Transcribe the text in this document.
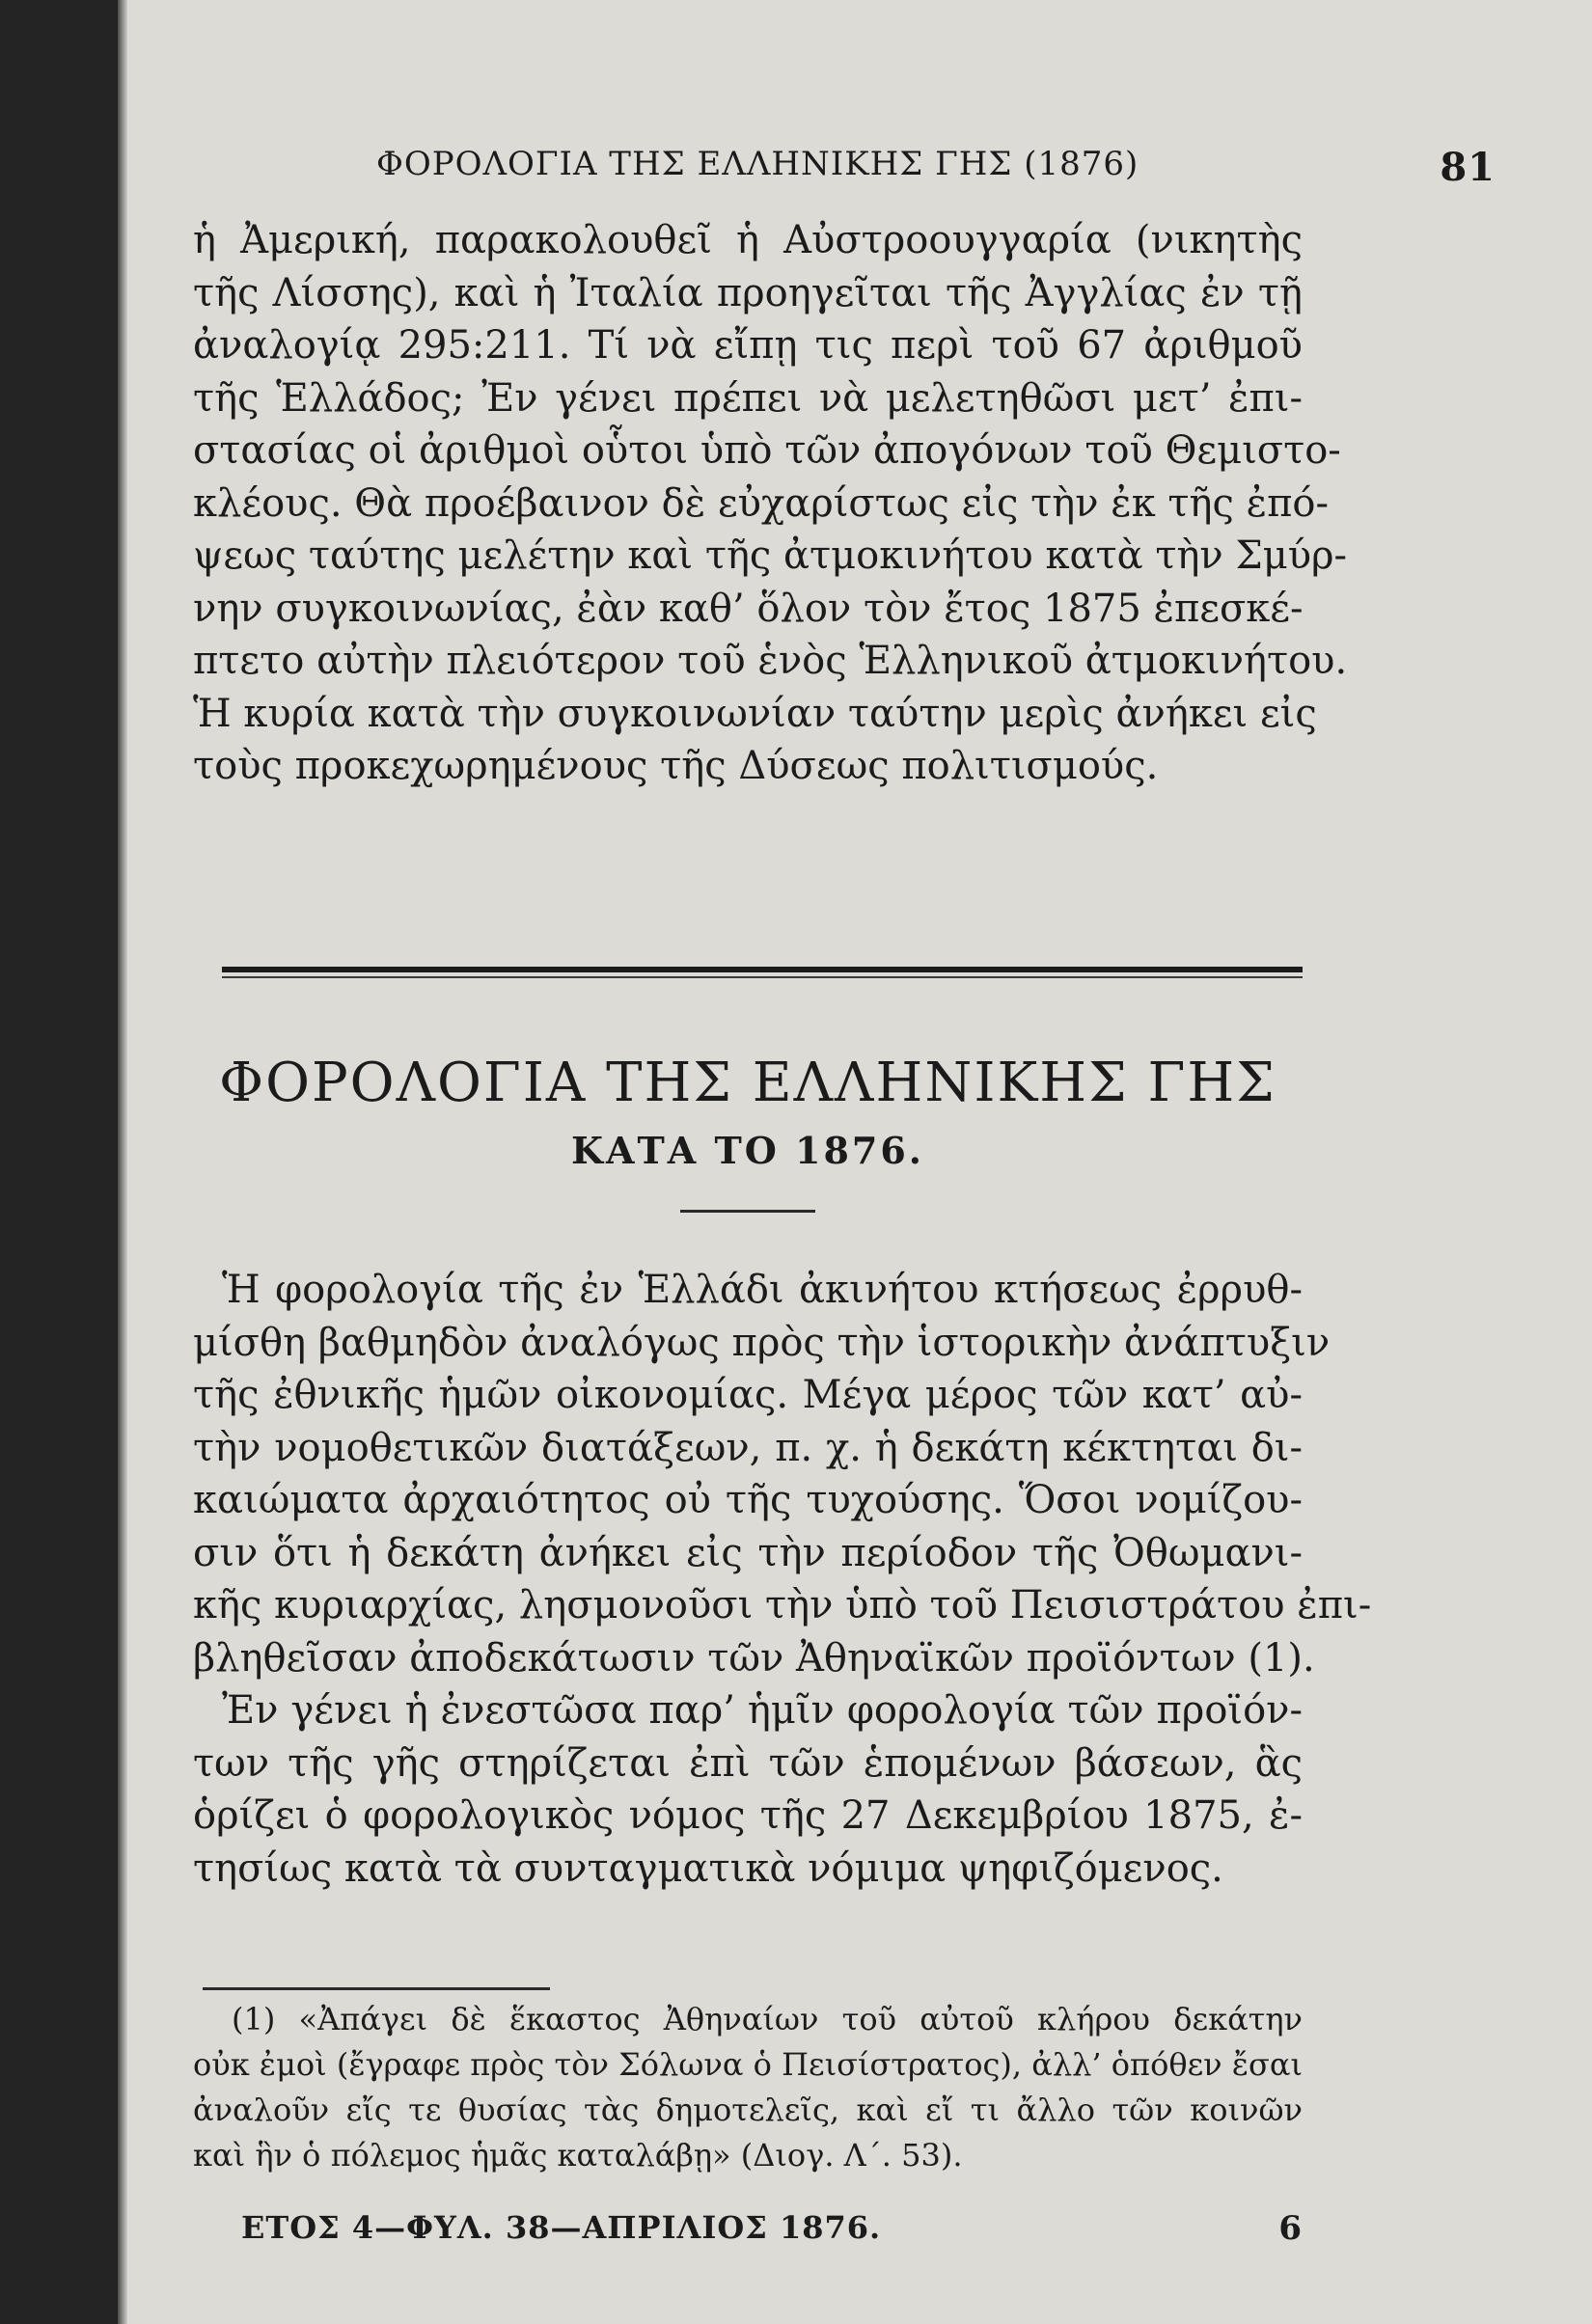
ΦΟΡΟΛΟΓΙΑ ΤΗΣ ΕΛΛΗΝΙΚΗΣ ΓΗΣ (1876)	81
ἡ Ἀμερική, παρακολουθεῖ ἡ Αὐστροουγγαρία (νικητὴς
τῆς Λίσσης), καὶ ἡ Ἰταλία προηγεῖται τῆς Ἀγγλίας ἐν τῇ
ἀναλογίᾳ 295:211. Τί νὰ εἴπῃ τις περὶ τοῦ 67 ἀριθμοῦ
τῆς Ἑλλάδος; Ἐν γένει πρέπει νὰ μελετηθῶσι μετ’ ἐπι-
στασίας οἱ ἀριθμοὶ οὗτοι ὑπὸ τῶν ἀπογόνων τοῦ Θεμιστο-
κλέους. Θὰ προέβαινον δὲ εὐχαρίστως εἰς τὴν ἐκ τῆς ἐπό-
ψεως ταύτης μελέτην καὶ τῆς ἀτμοκινήτου κατὰ τὴν Σμύρ-
νην συγκοινωνίας, ἐὰν καθ’ ὅλον τὸν ἔτος 1875 ἐπεσκέ-
πτετο αὐτὴν πλειότερον τοῦ ἑνὸς Ἑλληνικοῦ ἀτμοκινήτου.
Ἡ κυρία κατὰ τὴν συγκοινωνίαν ταύτην μερὶς ἀνήκει εἰς
τοὺς προκεχωρημένους τῆς Δύσεως πολιτισμούς.
ΦΟΡΟΛΟΓΙΑ ΤΗΣ ΕΛΛΗΝΙΚΗΣ ΓΗΣ
ΚΑΤΑ ΤΟ 1876.
Ἡ φορολογία τῆς ἐν Ἑλλάδι ἀκινήτου κτήσεως ἐρρυθ-
μίσθη βαθμηδὸν ἀναλόγως πρὸς τὴν ἱστορικὴν ἀνάπτυξιν
τῆς ἐθνικῆς ἡμῶν οἰκονομίας. Μέγα μέρος τῶν κατ’ αὐ-
τὴν νομοθετικῶν διατάξεων, π. χ. ἡ δεκάτη κέκτηται δι-
καιώματα ἀρχαιότητος οὐ τῆς τυχούσης. Ὅσοι νομίζου-
σιν ὅτι ἡ δεκάτη ἀνήκει εἰς τὴν περίοδον τῆς Ὀθωμανι-
κῆς κυριαρχίας, λησμονοῦσι τὴν ὑπὸ τοῦ Πεισιστράτου ἐπι-
βληθεῖσαν ἀποδεκάτωσιν τῶν Ἀθηναϊκῶν προϊόντων (1).
Ἐν γένει ἡ ἐνεστῶσα παρ’ ἡμῖν φορολογία τῶν προϊόν-
των τῆς γῆς στηρίζεται ἐπὶ τῶν ἑπομένων βάσεων, ἃς
ὁρίζει ὁ φορολογικὸς νόμος τῆς 27 Δεκεμβρίου 1875, ἐ-
τησίως κατὰ τὰ συνταγματικὰ νόμιμα ψηφιζόμενος.
(1) «Ἀπάγει δὲ ἕκαστος Ἀθηναίων τοῦ αὐτοῦ κλήρου δεκάτην
οὐκ ἐμοὶ (ἔγραφε πρὸς τὸν Σόλωνα ὁ Πεισίστρατος), ἀλλ’ ὁπόθεν ἔσαι
ἀναλοῦν εἴς τε θυσίας τὰς δημοτελεῖς, καὶ εἴ τι ἄλλο τῶν κοινῶν
καὶ ἣν ὁ πόλεμος ἡμᾶς καταλάβῃ» (Διογ. Λ΄. 53).
ΕΤΟΣ 4—ΦΥΛ. 38—ΑΠΡΙΛΙΟΣ 1876.	6
